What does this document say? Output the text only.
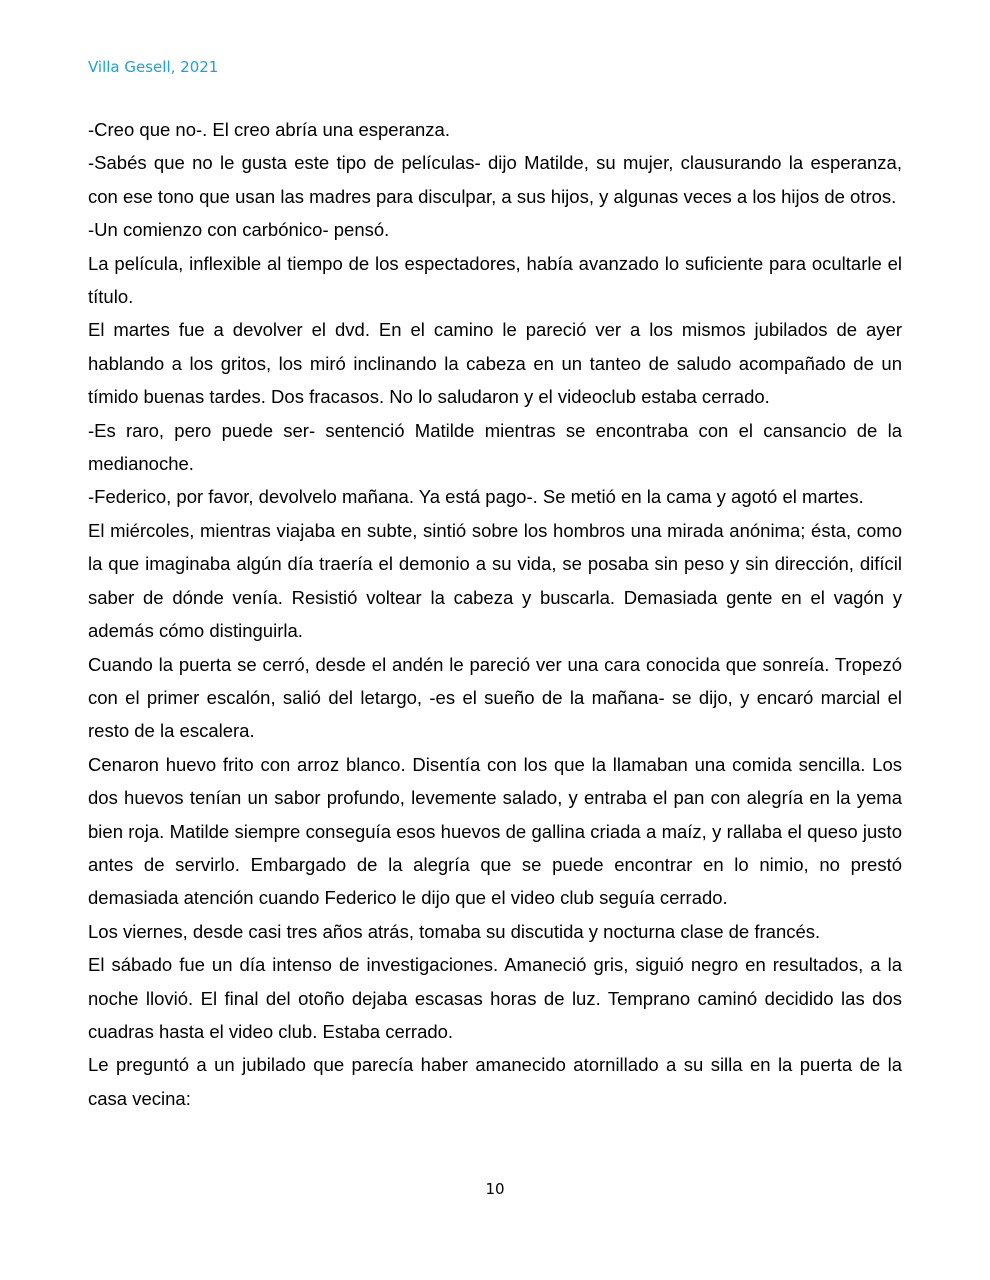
Villa Gesell, 2021

-Creo que no-. El creo abría una esperanza.

-Sabés que no le gusta este tipo de películas- dijo Matilde, su mujer, clausurando la esperanza, con ese tono que usan las madres para disculpar, a sus hijos, y algunas veces a los hijos de otros.

-Un comienzo con carbónico- pensó.

La película, inflexible al tiempo de los espectadores, había avanzado lo suficiente para ocultarle el título.

El martes fue a devolver el dvd. En el camino le pareció ver a los mismos jubilados de ayer hablando a los gritos, los miró inclinando la cabeza en un tanteo de saludo acompañado de un tímido buenas tardes. Dos fracasos. No lo saludaron y el videoclub estaba cerrado.

-Es raro, pero puede ser- sentenció Matilde mientras se encontraba con el cansancio de la medianoche.

-Federico, por favor, devolvelo mañana. Ya está pago-. Se metió en la cama y agotó el martes.

El miércoles, mientras viajaba en subte, sintió sobre los hombros una mirada anónima; ésta, como la que imaginaba algún día traería el demonio a su vida, se posaba sin peso y sin dirección, difícil saber de dónde venía. Resistió voltear la cabeza y buscarla. Demasiada gente en el vagón y además cómo distinguirla.

Cuando la puerta se cerró, desde el andén le pareció ver una cara conocida que sonreía. Tropezó con el primer escalón, salió del letargo, -es el sueño de la mañana- se dijo, y encaró marcial el resto de la escalera.

Cenaron huevo frito con arroz blanco. Disentía con los que la llamaban una comida sencilla. Los dos huevos tenían un sabor profundo, levemente salado, y entraba el pan con alegría en la yema bien roja. Matilde siempre conseguía esos huevos de gallina criada a maíz, y rallaba el queso justo antes de servirlo. Embargado de la alegría que se puede encontrar en lo nimio, no prestó demasiada atención cuando Federico le dijo que el video club seguía cerrado.

Los viernes, desde casi tres años atrás, tomaba su discutida y nocturna clase de francés.

El sábado fue un día intenso de investigaciones. Amaneció gris, siguió negro en resultados, a la noche llovió. El final del otoño dejaba escasas horas de luz. Temprano caminó decidido las dos cuadras hasta el video club. Estaba cerrado.

Le preguntó a un jubilado que parecía haber amanecido atornillado a su silla en la puerta de la casa vecina:

10
